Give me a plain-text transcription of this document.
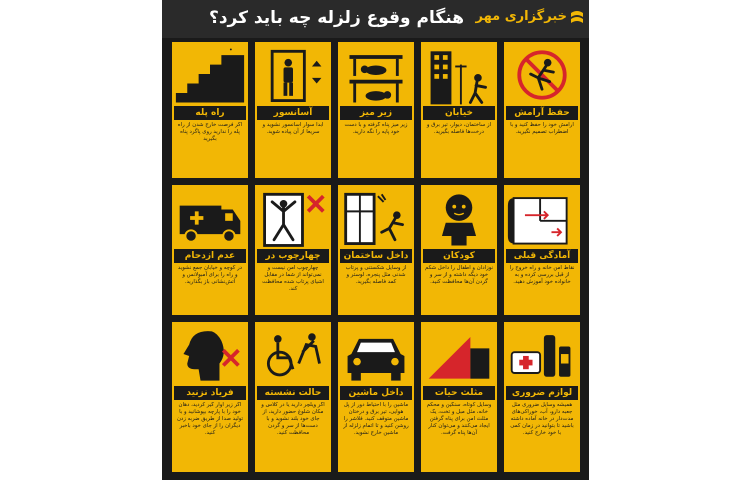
هنگام وقوع زلزله چه باید کرد؟ خبرگزاری مهر
حفظ آرامش
آرامش خود را حفظ کنید و با اضطراب تصمیم نگیرید.
خیابان
از ساختمان، دیوار، تیر برق و درخت‌ها فاصله بگیرید.
زیر میز
زیر میز پناه گرفته و با دست خود پایه را نگه دارید.
آسانسور
ابدا سوار آسانسور نشوید و سریعا از آن پیاده شوید.
راه پله
اگر فرصت خارج شدن از راه پله را ندارید روی پاگرد پناه بگیرید
آمادگی قبلی
نقاط امن خانه و راه خروج را از قبل بررسی کرده و به خانواده خود آموزش دهید.
کودکان
نوزادان و اطفال را داخل شکم خود دیگه داشته و از سر و گردن آن‌ها محافظت کنید.
داخل ساختمان
از وسایل شکستنی و پرتاب شدنی مثل پنجره، لوستر و کمد فاصله بگیرید.
چهارچوب در
چهارچوب امن نیست و نمی‌تواند از شما در مقابل اشیای پرتاب شده محافظت کند.
عدم ازدحام
در کوچه و خیابان جمع نشوید و راه را برای آمبولانس و آتش‌نشانی باز بگذارید.
لوازم ضروری
همیشه وسایل ضروری مثل جعبه دارو، آب، خوراکی‌های مدت‌دار در خانه آماده داشته باشید تا بتوانید در زمان کمی با خود خارج کنید.
مثلث حیات
وسایل کوتاه، سنگین و محکم خانه، مثل مبل و تخت، یک مثلث امن برای پناه گرفتن ایجاد می‌کنند و می‌توان کنار آن‌ها پناه گرفت.
داخل ماشین
ماشین را با احتیاط دور از پل هوایی، تیر برق و درختان ماشین متوقف کنید. فلاشر را روشن کنید و تا اتمام زلزله از ماشین خارج نشوید.
حالت نشسته
اگر ویلچر دارید یا در کلاس و مکان شلوغ حضور دارید، از جای خود بلند نشوید و با دست‌ها از سر و گردن محافظت کنید.
فریاد نزنید
اگر زیر آوار گیر کردید، دهان خود را با پارچه بپوشانید و با تولید صدا از طریق ضربه زدن دیگران را از جای خود باخبر کنید.
